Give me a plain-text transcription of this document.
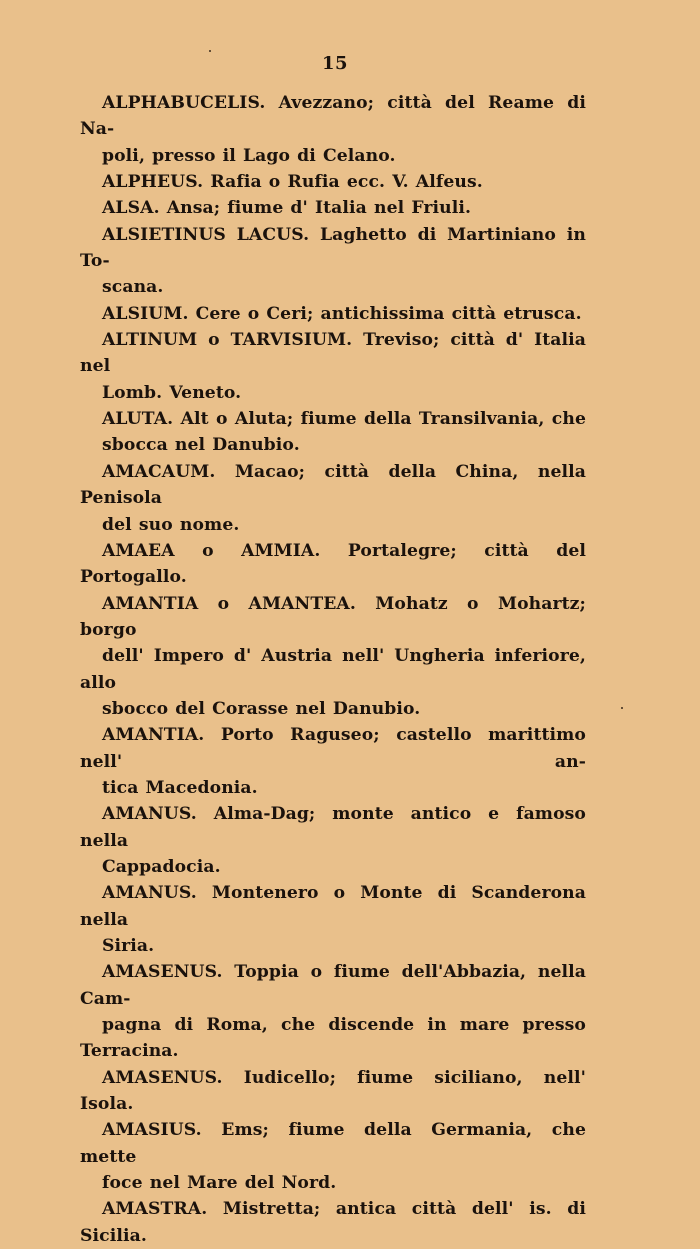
15

ALPHABUCELIS. Avezzano; città del Reame di Na-
poli, presso il Lago di Celano.

ALPHEUS. Rafia o Rufia ecc. V. Alfeus.

ALSA. Ansa; fiume d' Italia nel Friuli.

ALSIETINUS LACUS. Laghetto di Martiniano in To-
scana.

ALSIUM. Cere o Ceri; antichissima città etrusca.

ALTINUM o TARVISIUM. Treviso; città d' Italia nel
Lomb. Veneto.

ALUTA. Alt o Aluta; fiume della Transilvania, che
sbocca nel Danubio.

AMACAUM. Macao; città della China, nella Penisola
del suo nome.

AMAEA o AMMIA. Portalegre; città del Portogallo.

AMANTIA o AMANTEA. Mohatz o Mohartz; borgo
dell' Impero d' Austria nell' Ungheria inferiore, allo
sbocco del Corasse nel Danubio.

AMANTIA. Porto Raguseo; castello marittimo nell' an-
tica Macedonia.

AMANUS. Alma-Dag; monte antico e famoso nella
Cappadocia.

AMANUS. Montenero o Monte di Scanderona nella
Siria.

AMASENUS. Toppia o fiume dell'Abbazia, nella Cam-
pagna di Roma, che discende in mare presso Terracina.

AMASENUS. Iudicello; fiume siciliano, nell' Isola.

AMASIUS. Ems; fiume della Germania, che mette
foce nel Mare del Nord.

AMASTRA. Mistretta; antica città dell' is. di Sicilia.
